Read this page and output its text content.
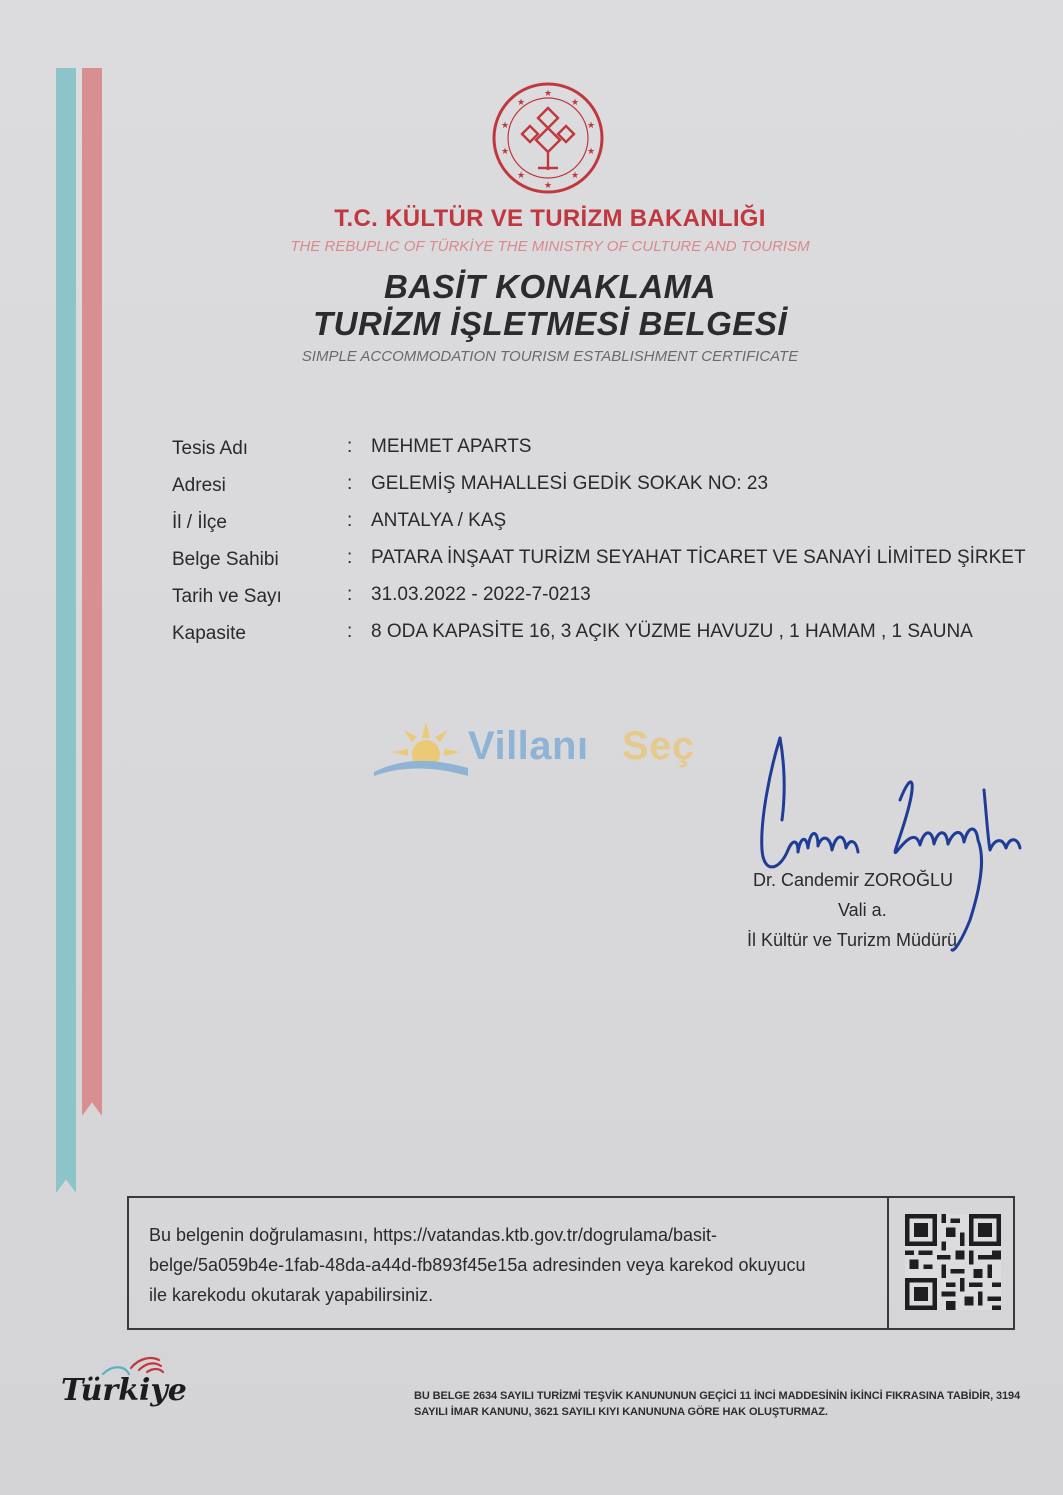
★
★
★
★
★
★
★
★
★
★
T.C. KÜLTÜR VE TURİZM BAKANLIĞI
THE REBUPLIC OF TÜRKİYE THE MINISTRY OF CULTURE AND TOURISM
BASİT KONAKLAMA
TURİZM İŞLETMESİ BELGESİ
SIMPLE ACCOMMODATION TOURISM ESTABLISHMENT CERTIFICATE
Tesis Adı	: MEHMET APARTS
Adresi	: GELEMİŞ MAHALLESİ GEDİK SOKAK NO: 23
İl / İlçe	: ANTALYA / KAŞ
Belge Sahibi	: PATARA İNŞAAT TURİZM SEYAHAT TİCARET VE SANAYİ LİMİTED ŞİRKET
Tarih ve Sayı	: 31.03.2022 - 2022-7-0213
Kapasite	: 8 ODA KAPASİTE 16, 3 AÇIK YÜZME HAVUZU , 1 HAMAM , 1 SAUNA
Villanı Seç
Dr. Candemir ZOROĞLU
Vali a.
İl Kültür ve Turizm Müdürü
Bu belgenin doğrulamasını, https://vatandas.ktb.gov.tr/dogrulama/basit-belge/5a059b4e-1fab-48da-a44d-fb893f45e15a adresinden veya karekod okuyucu ile karekodu okutarak yapabilirsiniz.
Türkiye	BU BELGE 2634 SAYILI TURİZMİ TEŞVİK KANUNUNUN GEÇİCİ 11 İNCİ MADDESİNİN İKİNCİ FIKRASINA TABİDİR, 3194 SAYILI İMAR KANUNU, 3621 SAYILI KIYI KANUNUNA GÖRE HAK OLUŞTURMAZ.
